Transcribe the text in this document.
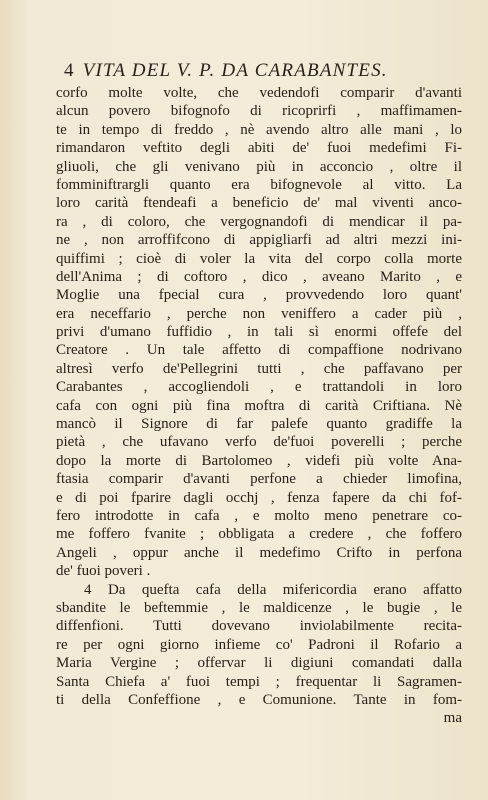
4 VITA DEL V. P. DA CARABANTES.
corfo molte volte, che vedendofi comparir d'avanti
alcun povero bifognofo di ricoprirfi , maffimamen-
te in tempo di freddo , nè avendo altro alle mani , lo
rimandaron veftito degli abiti de' fuoi medefimi Fi-
gliuoli, che gli venivano più in acconcio , oltre il
fomminiftrargli quanto era bifognevole al vitto. La
loro carità ftendeafi a beneficio de' mal viventi anco-
ra , di coloro, che vergognandofi di mendicar il pa-
ne , non arroffifcono di appigliarfi ad altri mezzi ini-
quiffimi ; cioè di voler la vita del corpo colla morte
dell'Anima ; di coftoro , dico , aveano Marito , e
Moglie una fpecial cura , provvedendo loro quant'
era neceffario , perche non veniffero a cader più ,
privi d'umano fuffidio , in tali sì enormi offefe del
Creatore . Un tale affetto di compaffione nodrivano
altresì verfo de'Pellegrini tutti , che paffavano per
Carabantes , accogliendoli , e trattandoli in loro
cafa con ogni più fina moftra di carità Criftiana. Nè
mancò il Signore di far palefe quanto gradiffe la
pietà , che ufavano verfo de'fuoi poverelli ; perche
dopo la morte di Bartolomeo , videfi più volte Ana-
ftasia comparir d'avanti perfone a chieder limofina,
e di poi fparire dagli occhj , fenza fapere da chi fof-
fero introdotte in cafa , e molto meno penetrare co-
me foffero fvanite ; obbligata a credere , che foffero
Angeli , oppur anche il medefimo Crifto in perfona
de' fuoi poveri .
4 Da quefta cafa della mifericordia erano affatto
sbandite le beftemmie , le maldicenze , le bugie , le
diffenfioni. Tutti dovevano inviolabilmente recita-
re per ogni giorno infieme co' Padroni il Rofario a
Maria Vergine ; offervar li digiuni comandati dalla
Santa Chiefa a' fuoi tempi ; frequentar li Sagramen-
ti della Confeffione , e Comunione. Tante in fom-
ma
